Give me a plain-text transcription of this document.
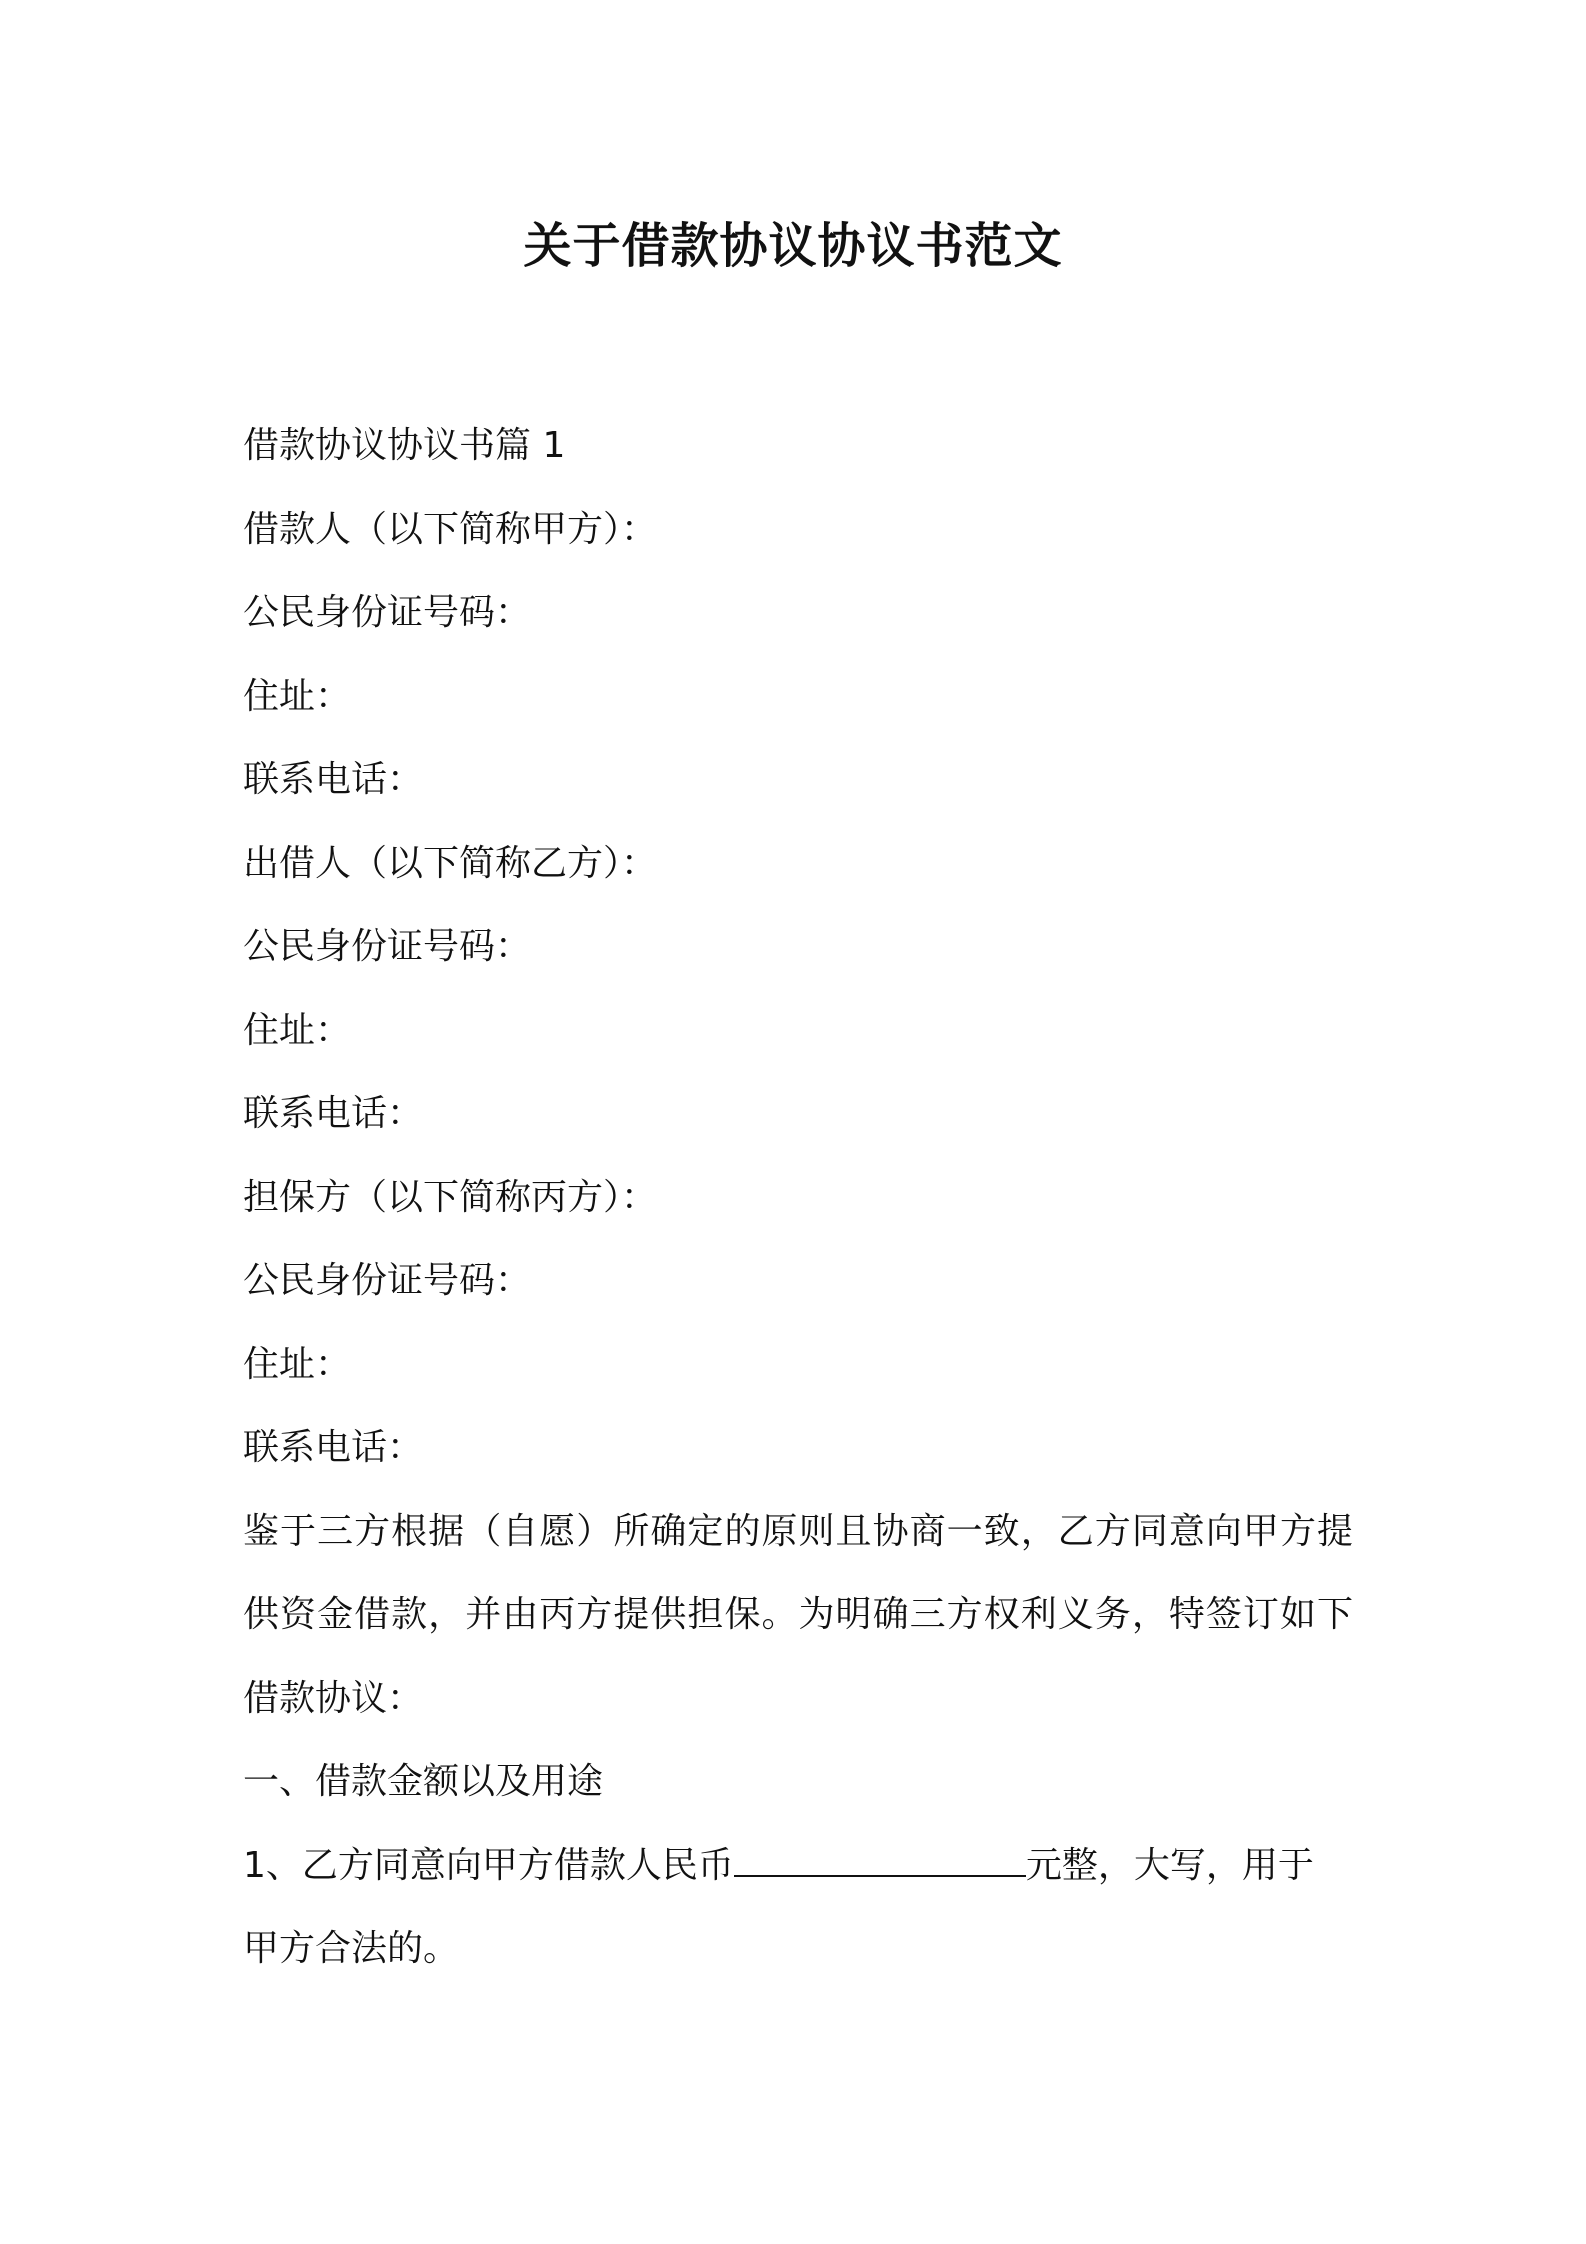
关于借款协议协议书范文

借款协议协议书篇 1

借款人（以下简称甲方）：

公民身份证号码：

住址：

联系电话：

出借人（以下简称乙方）：

公民身份证号码：

住址：

联系电话：

担保方（以下简称丙方）：

公民身份证号码：

住址：

联系电话：

鉴于三方根据（自愿）所确定的原则且协商一致，乙方同意向甲方提供资金借款，并由丙方提供担保。为明确三方权利义务，特签订如下借款协议：

一、借款金额以及用途

1、乙方同意向甲方借款人民币	元整，大写，用于

甲方合法的。
